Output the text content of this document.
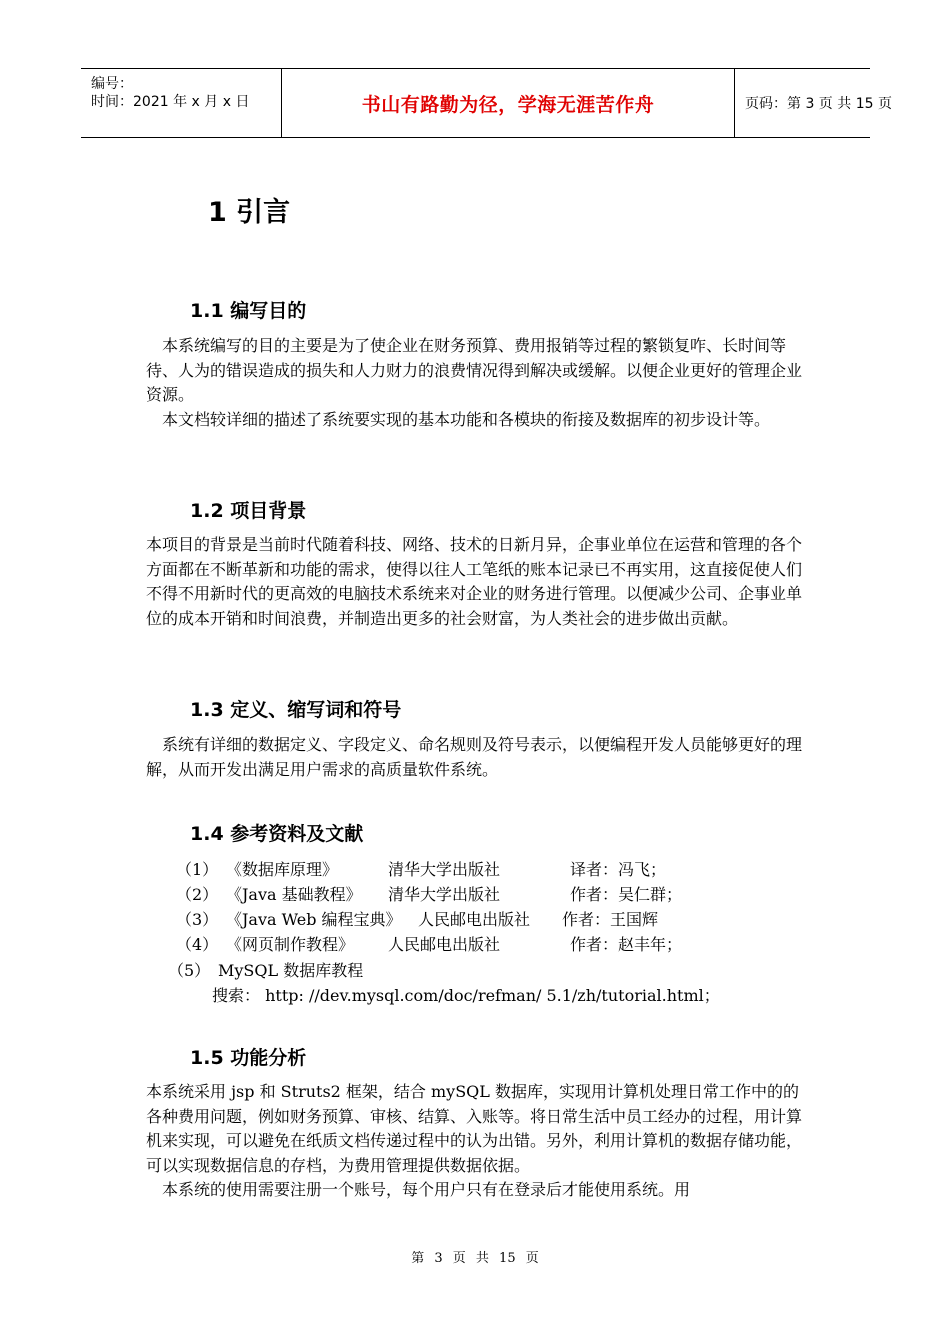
编号：
时间：2021 年 x 月 x 日	书山有路勤为径，学海无涯苦作舟	页码：第 3 页 共 15 页
1 引言
1.1 编写目的

　本系统编写的目的主要是为了使企业在财务预算、费用报销等过程的繁锁复咋、长时间等待、人为的错误造成的损失和人力财力的浪费情况得到解决或缓解。以便企业更好的管理企业资源。

　本文档较详细的描述了系统要实现的基本功能和各模块的衔接及数据库的初步设计等。

1.2 项目背景

本项目的背景是当前时代随着科技、网络、技术的日新月异，企事业单位在运营和管理的各个方面都在不断革新和功能的需求，使得以往人工笔纸的账本记录已不再实用，这直接促使人们不得不用新时代的更高效的电脑技术系统来对企业的财务进行管理。以便减少公司、企事业单位的成本开销和时间浪费，并制造出更多的社会财富，为人类社会的进步做出贡献。

1.3 定义、缩写词和符号

　系统有详细的数据定义、字段定义、命名规则及符号表示，以便编程开发人员能够更好的理解，从而开发出满足用户需求的高质量软件系统。

1.4 参考资料及文献
（1） 《数据库原理》	清华大学出版社	译者：冯飞；
（2） 《Java 基础教程》 清华大学出版社	作者：吴仁群；
（3） 《Java Web 编程宝典》 人民邮电出版社 作者：王国辉
（4） 《网页制作教程》 人民邮电出版社	作者：赵丰年；
（5） MySQL 数据库教程
搜索： http: //dev.mysql.com/doc/refman/ 5.1/zh/tutorial.html；
1.5 功能分析

本系统采用 jsp 和 Struts2 框架，结合 mySQL 数据库，实现用计算机处理日常工作中的的各种费用问题，例如财务预算、审核、结算、入账等。将日常生活中员工经办的过程，用计算机来实现，可以避免在纸质文档传递过程中的认为出错。另外，利用计算机的数据存储功能，可以实现数据信息的存档，为费用管理提供数据依据。

　本系统的使用需要注册一个账号，每个用户只有在登录后才能使用系统。用

第 3 页 共 15 页
